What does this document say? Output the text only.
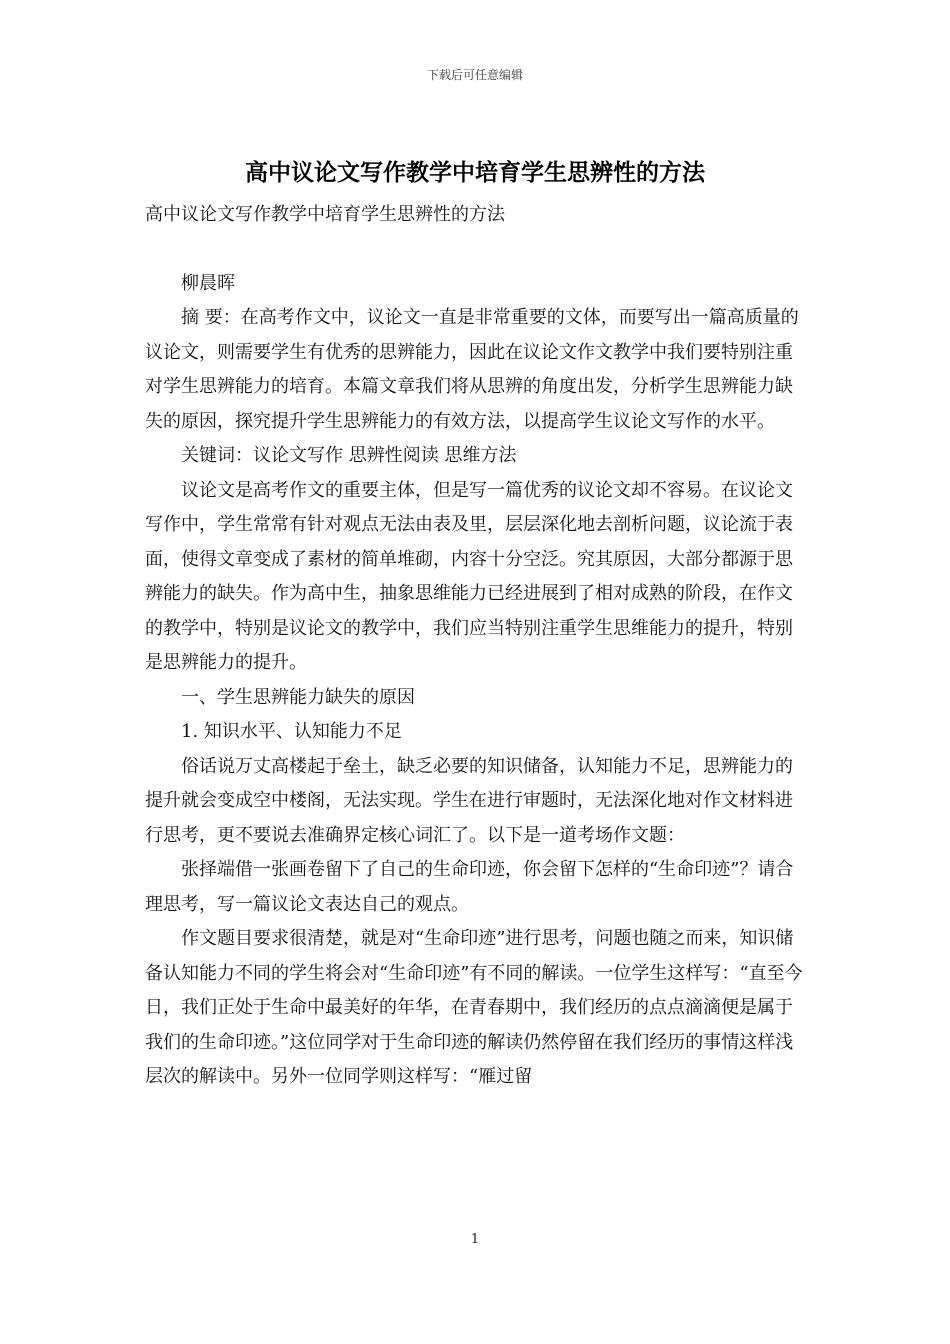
下载后可任意编辑
高中议论文写作教学中培育学生思辨性的方法

高中议论文写作教学中培育学生思辨性的方法

柳晨晖

摘 要：在高考作文中，议论文一直是非常重要的文体，而要写出一篇高质量的议论文，则需要学生有优秀的思辨能力，因此在议论文作文教学中我们要特别注重对学生思辨能力的培育。本篇文章我们将从思辨的角度出发，分析学生思辨能力缺失的原因，探究提升学生思辨能力的有效方法，以提高学生议论文写作的水平。

关键词：议论文写作 思辨性阅读 思维方法

议论文是高考作文的重要主体，但是写一篇优秀的议论文却不容易。在议论文写作中，学生常常有针对观点无法由表及里，层层深化地去剖析问题，议论流于表面，使得文章变成了素材的简单堆砌，内容十分空泛。究其原因，大部分都源于思辨能力的缺失。作为高中生，抽象思维能力已经进展到了相对成熟的阶段，在作文的教学中，特别是议论文的教学中，我们应当特别注重学生思维能力的提升，特别是思辨能力的提升。

一、学生思辨能力缺失的原因

1. 知识水平、认知能力不足

俗话说万丈高楼起于垒土，缺乏必要的知识储备，认知能力不足，思辨能力的提升就会变成空中楼阁，无法实现。学生在进行审题时，无法深化地对作文材料进行思考，更不要说去准确界定核心词汇了。以下是一道考场作文题：

张择端借一张画卷留下了自己的生命印迹，你会留下怎样的“生命印迹”？请合理思考，写一篇议论文表达自己的观点。

作文题目要求很清楚，就是对“生命印迹”进行思考，问题也随之而来，知识储备认知能力不同的学生将会对“生命印迹”有不同的解读。一位学生这样写：“直至今日，我们正处于生命中最美好的年华，在青春期中，我们经历的点点滴滴便是属于我们的生命印迹。”这位同学对于生命印迹的解读仍然停留在我们经历的事情这样浅层次的解读中。另外一位同学则这样写：“雁过留

1
